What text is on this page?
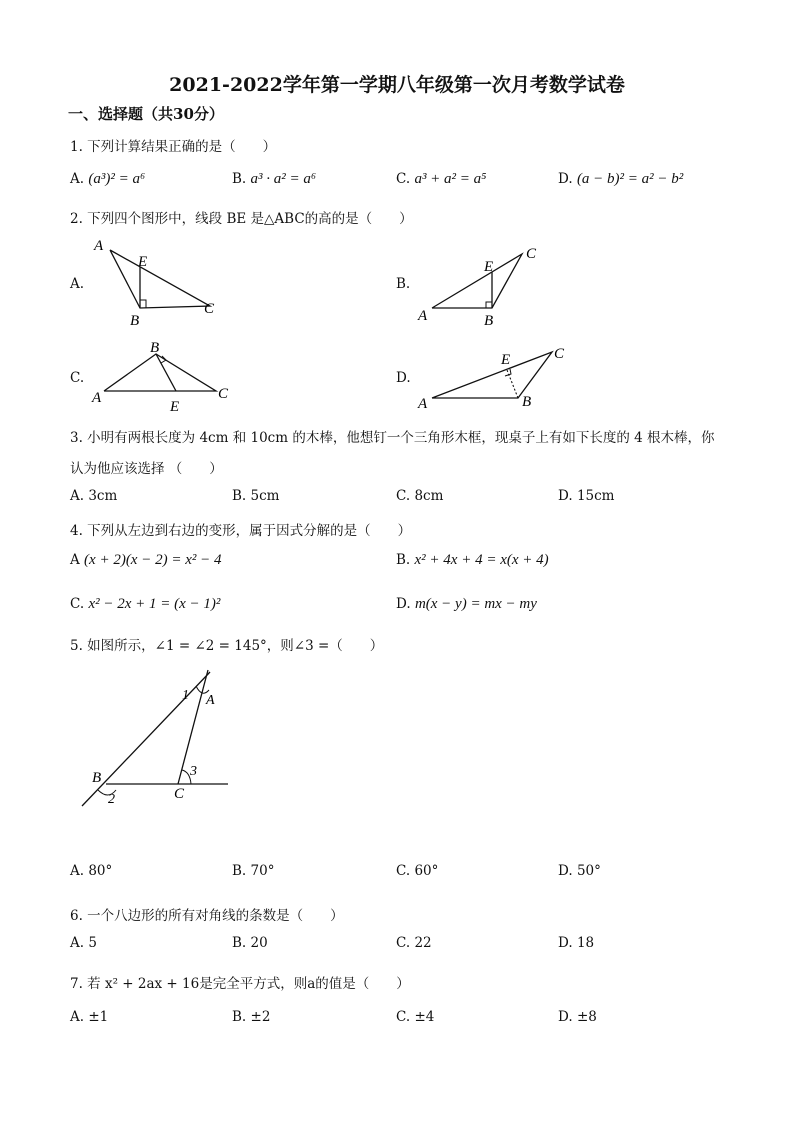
2021-2022学年第一学期八年级第一次月考数学试卷
一、选择题（共30分）
1. 下列计算结果正确的是（　　）
A. (a³)² = a⁶	B. a³ · a² = a⁶	C. a³ + a² = a⁵	D. (a − b)² = a² − b²
2. 下列四个图形中，线段 BE 是△ABC的高的是（　　）
A.
A
E
B
C
B.
A
E
B
C
C.
A
B
C
E
D.
A
E
B
C
3. 小明有两根长度为 4cm 和 10cm 的木棒，他想钉一个三角形木框，现桌子上有如下长度的 4 根木棒，你
认为他应该选择 （　　）
A. 3cm	B. 5cm	C. 8cm	D. 15cm
4. 下列从左边到右边的变形，属于因式分解的是（　　）
A (x + 2)(x − 2) = x² − 4	B. x² + 4x + 4 = x(x + 4)
C. x² − 2x + 1 = (x − 1)²	D. m(x − y) = mx − my
5. 如图所示，∠1 = ∠2 = 145°，则∠3 =（　　）
1 A
B
2
3
C
A. 80°	B. 70°	C. 60°	D. 50°
6. 一个八边形的所有对角线的条数是（　　）
A. 5	B. 20	C. 22	D. 18
7. 若 x² + 2ax + 16是完全平方式，则a的值是（　　）
A. ±1	B. ±2	C. ±4	D. ±8
